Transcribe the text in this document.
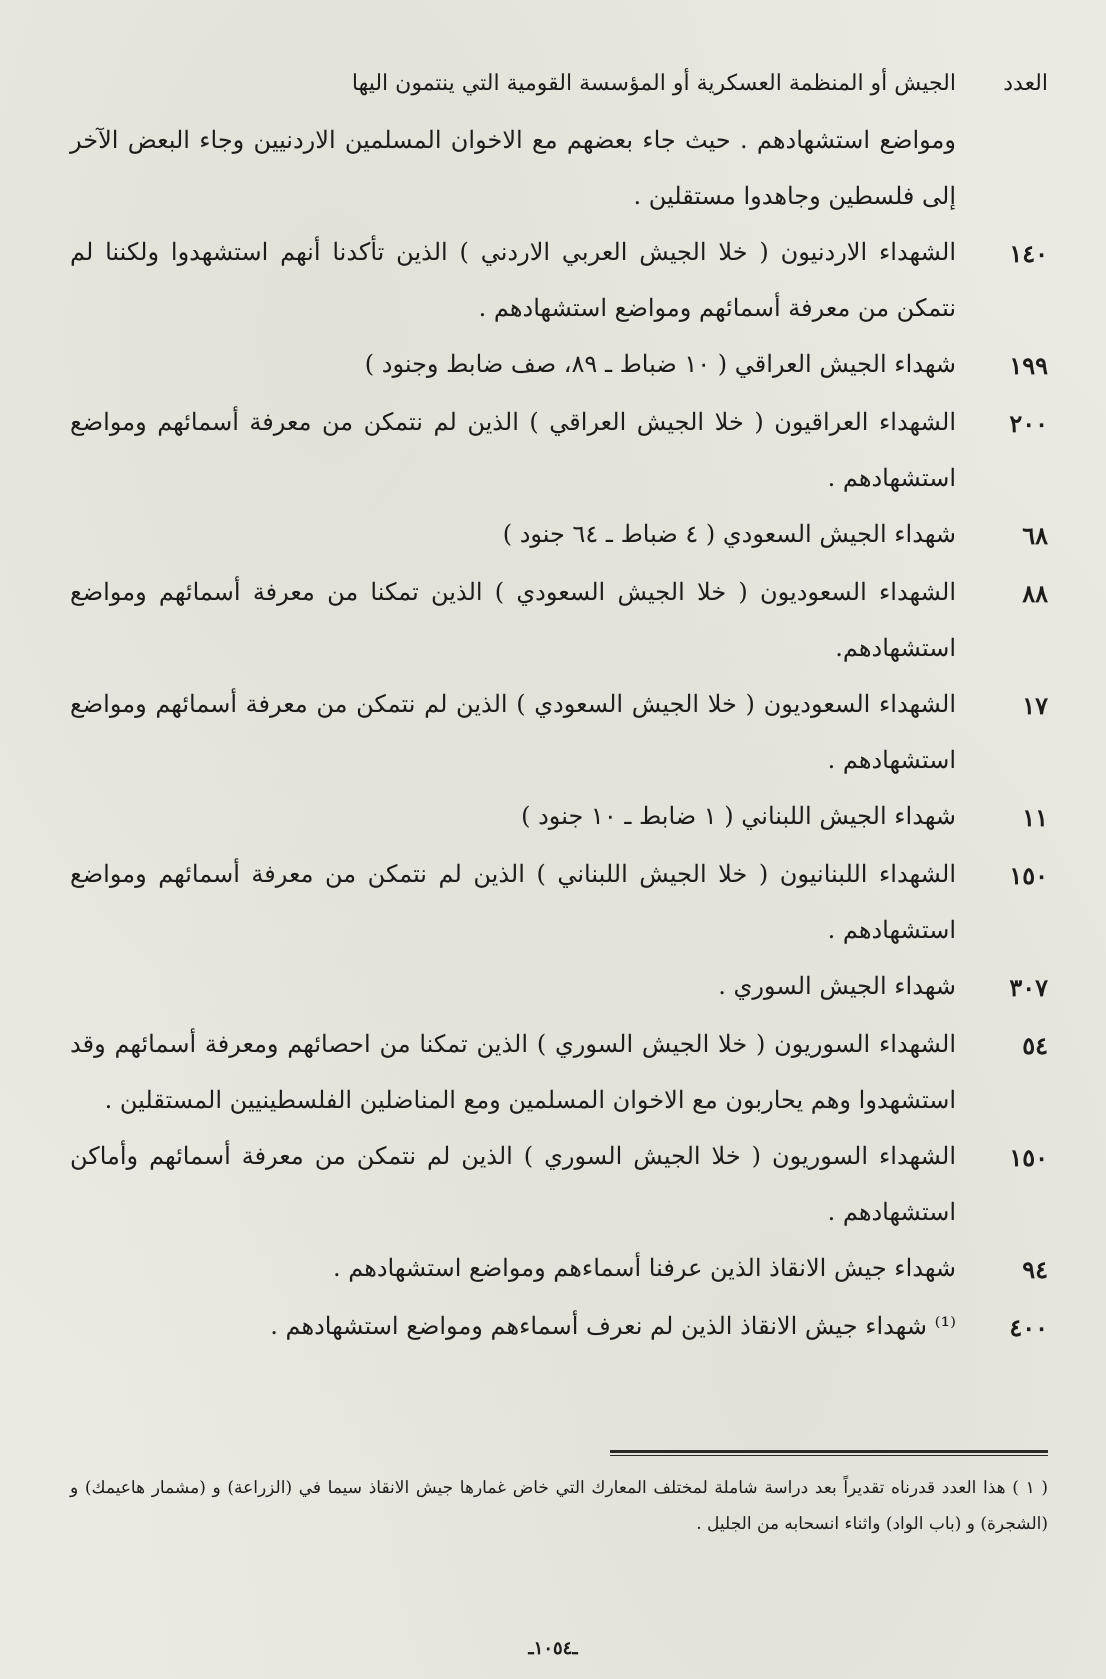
العدد
الجيش أو المنظمة العسكرية أو المؤسسة القومية التي ينتمون اليها
ومواضع استشهادهم . حيث جاء بعضهم مع الاخوان المسلمين الاردنيين وجاء البعض الآخر إلى فلسطين وجاهدوا مستقلين .
١٤٠
الشهداء الاردنيون ( خلا الجيش العربي الاردني ) الذين تأكدنا أنهم استشهدوا ولكننا لم نتمكن من معرفة أسمائهم ومواضع استشهادهم .
١٩٩
شهداء الجيش العراقي ( ١٠ ضباط ـ ٨٩، صف ضابط وجنود )
٢٠٠
الشهداء العراقيون ( خلا الجيش العراقي ) الذين لم نتمكن من معرفة أسمائهم ومواضع استشهادهم .
٦٨
شهداء الجيش السعودي ( ٤ ضباط ـ ٦٤ جنود )
٨٨
الشهداء السعوديون ( خلا الجيش السعودي ) الذين تمكنا من معرفة أسمائهم ومواضع استشهادهم.
١٧
الشهداء السعوديون ( خلا الجيش السعودي ) الذين لم نتمكن من معرفة أسمائهم ومواضع استشهادهم .
١١
شهداء الجيش اللبناني ( ١ ضابط ـ ١٠ جنود )
١٥٠
الشهداء اللبنانيون ( خلا الجيش اللبناني ) الذين لم نتمكن من معرفة أسمائهم ومواضع استشهادهم .
٣٠٧
شهداء الجيش السوري .
٥٤
الشهداء السوريون ( خلا الجيش السوري ) الذين تمكنا من احصائهم ومعرفة أسمائهم وقد استشهدوا وهم يحاربون مع الاخوان المسلمين ومع المناضلين الفلسطينيين المستقلين .
١٥٠
الشهداء السوريون ( خلا الجيش السوري ) الذين لم نتمكن من معرفة أسمائهم وأماكن استشهادهم .
٩٤
شهداء جيش الانقاذ الذين عرفنا أسماءهم ومواضع استشهادهم .
٤٠٠
⁽¹⁾ شهداء جيش الانقاذ الذين لم نعرف أسماءهم ومواضع استشهادهم .
( ١ ) هذا العدد قدرناه تقديراً بعد دراسة شاملة لمختلف المعارك التي خاض غمارها جيش الانقاذ سيما في (الزراعة) و (مشمار هاعيمك) و (الشجرة) و (باب الواد) واثناء انسحابه من الجليل .
ـ١٠٥٤ـ
